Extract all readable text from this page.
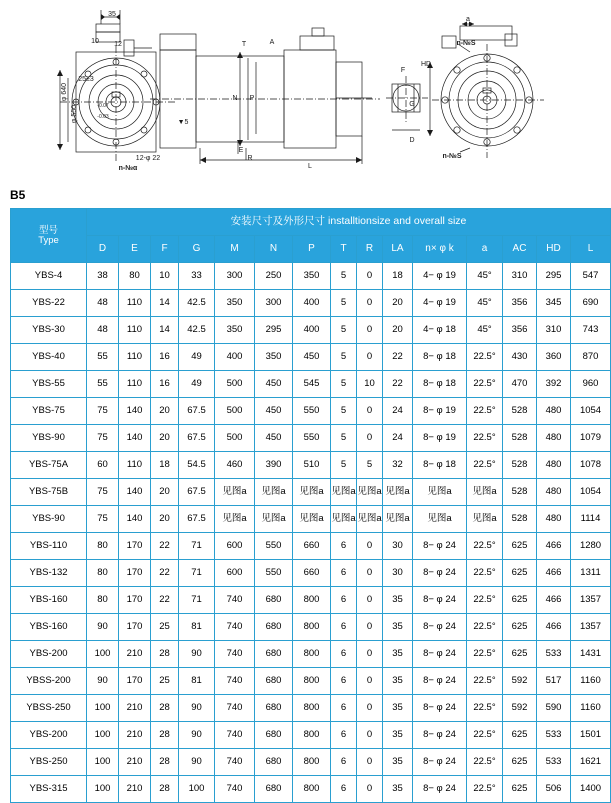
35
10 12
25±3
φ 640
φ 550	-0.07
-0.03
12-φ 22
▼5
n-№α
T	A
N P
E
R
L
a
n-№S
HD
F
G
D
n-№S
B5
型号
Type	安装尺寸及外形尺寸 installtionsize and overall size														
	D	E	F	G	M	N	P	T	R	LA	n× φ k	a	AC	HD	L
YBS-4	38	80	10	33	300	250	350	5	0	18	4− φ 19	45°	310	295	547
YBS-22	48	110	14	42.5	350	300	400	5	0	20	4− φ 19	45°	356	345	690
YBS-30	48	110	14	42.5	350	295	400	5	0	20	4− φ 18	45°	356	310	743
YBS-40	55	110	16	49	400	350	450	5	0	22	8− φ 18	22.5°	430	360	870
YBS-55	55	110	16	49	500	450	545	5	10	22	8− φ 18	22.5°	470	392	960
YBS-75	75	140	20	67.5	500	450	550	5	0	24	8− φ 19	22.5°	528	480	1054
YBS-90	75	140	20	67.5	500	450	550	5	0	24	8− φ 19	22.5°	528	480	1079
YBS-75A	60	110	18	54.5	460	390	510	5	5	32	8− φ 18	22.5°	528	480	1078
YBS-75B	75	140	20	67.5	见图a	见图a	见图a	见图a	见图a	见图a	见图a	见图a	528	480	1054
YBS-90	75	140	20	67.5	见图a	见图a	见图a	见图a	见图a	见图a	见图a	见图a	528	480	1114
YBS-110	80	170	22	71	600	550	660	6	0	30	8− φ 24	22.5°	625	466	1280
YBS-132	80	170	22	71	600	550	660	6	0	30	8− φ 24	22.5°	625	466	1311
YBS-160	80	170	22	71	740	680	800	6	0	35	8− φ 24	22.5°	625	466	1357
YBS-160	90	170	25	81	740	680	800	6	0	35	8− φ 24	22.5°	625	466	1357
YBS-200	100	210	28	90	740	680	800	6	0	35	8− φ 24	22.5°	625	533	1431
YBSS-200	90	170	25	81	740	680	800	6	0	35	8− φ 24	22.5°	592	517	1160
YBSS-250	100	210	28	90	740	680	800	6	0	35	8− φ 24	22.5°	592	590	1160
YBS-200	100	210	28	90	740	680	800	6	0	35	8− φ 24	22.5°	625	533	1501
YBS-250	100	210	28	90	740	680	800	6	0	35	8− φ 24	22.5°	625	533	1621
YBS-315	100	210	28	100	740	680	800	6	0	35	8− φ 24	22.5°	625	506	1400
